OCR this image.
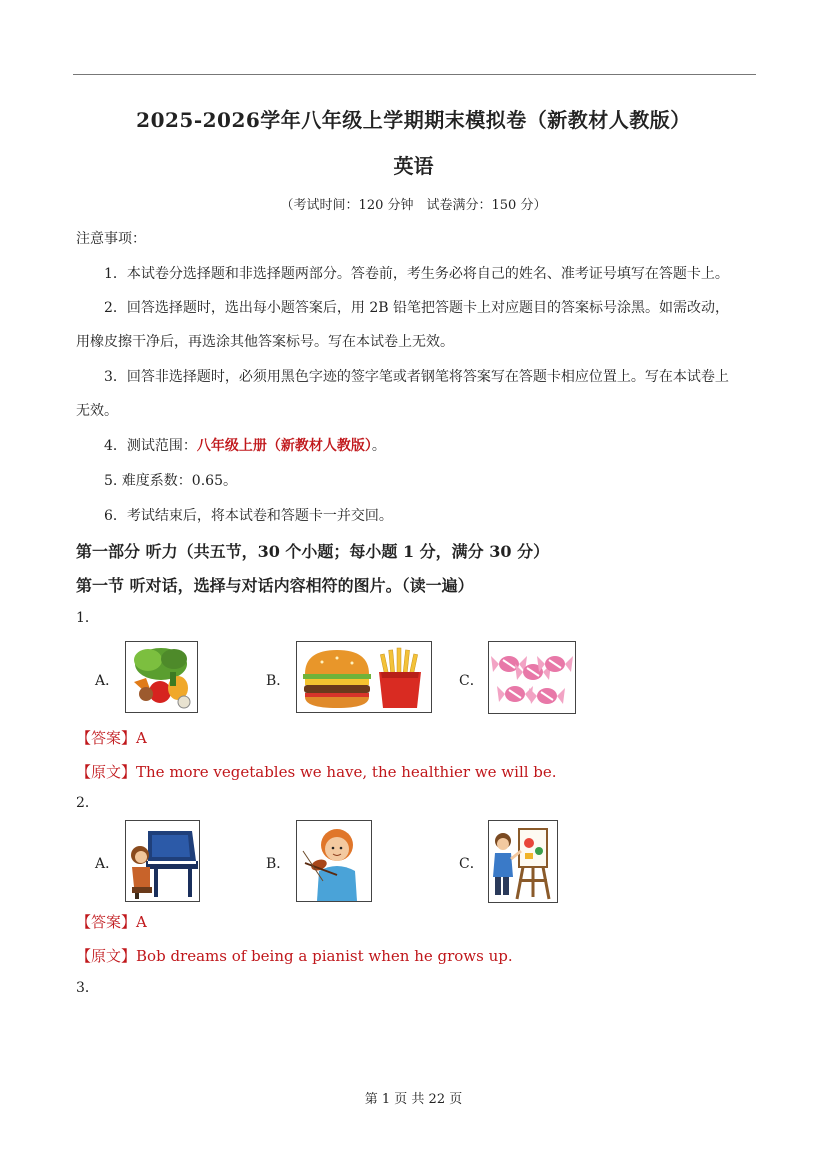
2025-2026学年八年级上学期期末模拟卷（新教材人教版）
英语
（考试时间：120 分钟　试卷满分：150 分）
注意事项：
1．本试卷分选择题和非选择题两部分。答卷前，考生务必将自己的姓名、准考证号填写在答题卡上。
2．回答选择题时，选出每小题答案后，用 2B 铅笔把答题卡上对应题目的答案标号涂黑。如需改动，
用橡皮擦干净后，再选涂其他答案标号。写在本试卷上无效。
3．回答非选择题时，必须用黑色字迹的签字笔或者钢笔将答案写在答题卡相应位置上。写在本试卷上
无效。
4．测试范围：八年级上册（新教材人教版）。
5. 难度系数：0.65。
6．考试结束后，将本试卷和答题卡一并交回。
第一部分 听力（共五节，30 个小题；每小题 1 分，满分 30 分）
第一节 听对话，选择与对话内容相符的图片。（读一遍）
1．
A．	B．	C．
【答案】A
【原文】The more vegetables we have, the healthier we will be.
2．
A．	B．	C．
【答案】A
【原文】Bob dreams of being a pianist when he grows up.
3．
第 1 页 共 22 页
